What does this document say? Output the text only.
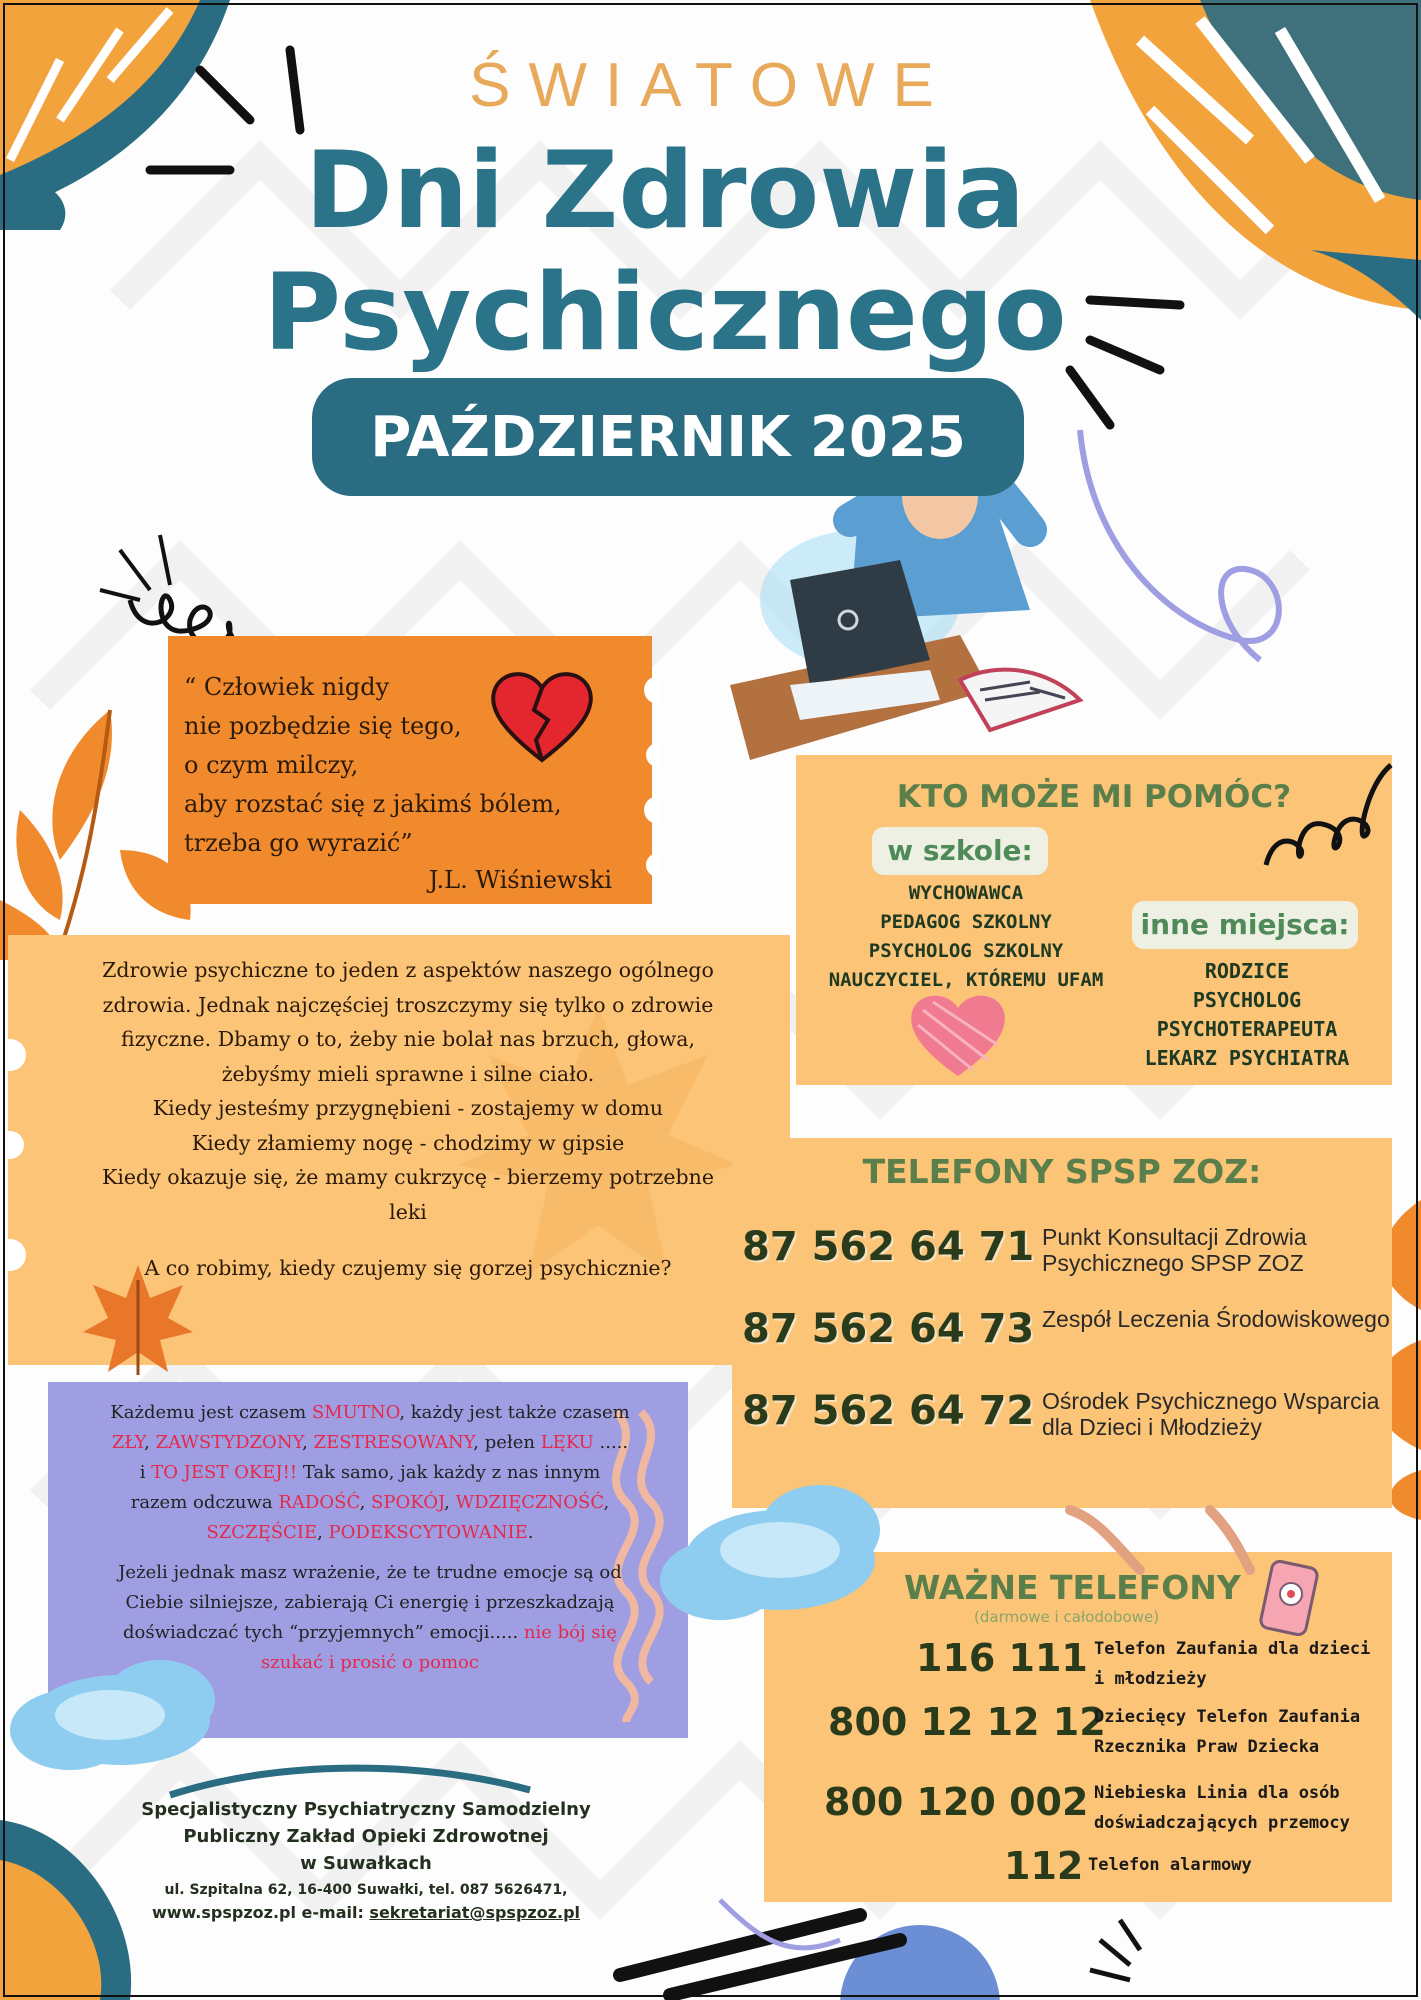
ŚWIATOWE
Dni Zdrowia
Psychicznego
PAŹDZIERNIK 2025
“ Człowiek nigdy
nie pozbędzie się tego,
o czym milczy,
aby rozstać się z jakimś bólem,
trzeba go wyrazić”
J.L. Wiśniewski

Zdrowie psychiczne to jeden z aspektów naszego ogólnego zdrowia. Jednak najczęściej troszczymy się tylko o zdrowie fizyczne. Dbamy o to, żeby nie bolał nas brzuch, głowa, żebyśmy mieli sprawne i silne ciało.

Kiedy jesteśmy przygnębieni - zostajemy w domu

Kiedy złamiemy nogę - chodzimy w gipsie

Kiedy okazuje się, że mamy cukrzycę - bierzemy potrzebne leki

A co robimy, kiedy czujemy się gorzej psychicznie?

Każdemu jest czasem SMUTNO, każdy jest także czasem ZŁY, ZAWSTYDZONY, ZESTRESOWANY, pełen LĘKU ..... i TO JEST OKEJ!! Tak samo, jak każdy z nas innym razem odczuwa RADOŚĆ, SPOKÓJ, WDZIĘCZNOŚĆ, SZCZĘŚCIE, PODEKSCYTOWANIE.

Jeżeli jednak masz wrażenie, że te trudne emocje są od Ciebie silniejsze, zabierają Ci energię i przeszkadzają doświadczać tych “przyjemnych” emocji..... nie bój się szukać i prosić o pomoc

KTO MOŻE MI POMÓC?
w szkole:
WYCHOWAWCA
PEDAGOG SZKOLNY
PSYCHOLOG SZKOLNY
NAUCZYCIEL, KTÓREMU UFAM
inne miejsca:
RODZICE
PSYCHOLOG
PSYCHOTERAPEUTA
LEKARZ PSYCHIATRA
TELEFONY SPSP ZOZ:
87 562 64 71 Punkt Konsultacji Zdrowia Psychicznego SPSP ZOZ
87 562 64 73 Zespół Leczenia Środowiskowego
87 562 64 72 Ośrodek Psychicznego Wsparcia dla Dzieci i Młodzieży
WAŻNE TELEFONY
(darmowe i całodobowe)
116 111 Telefon Zaufania dla dzieci i młodzieży
800 12 12 12
Dziecięcy Telefon Zaufania Rzecznika Praw Dziecka
800 120 002 Niebieska Linia dla osób doświadczających przemocy
112 Telefon alarmowy
Specjalistyczny Psychiatryczny Samodzielny
Publiczny Zakład Opieki Zdrowotnej
w Suwałkach
ul. Szpitalna 62, 16-400 Suwałki, tel. 087 5626471,
www.spspzoz.pl e-mail: sekretariat@spspzoz.pl
